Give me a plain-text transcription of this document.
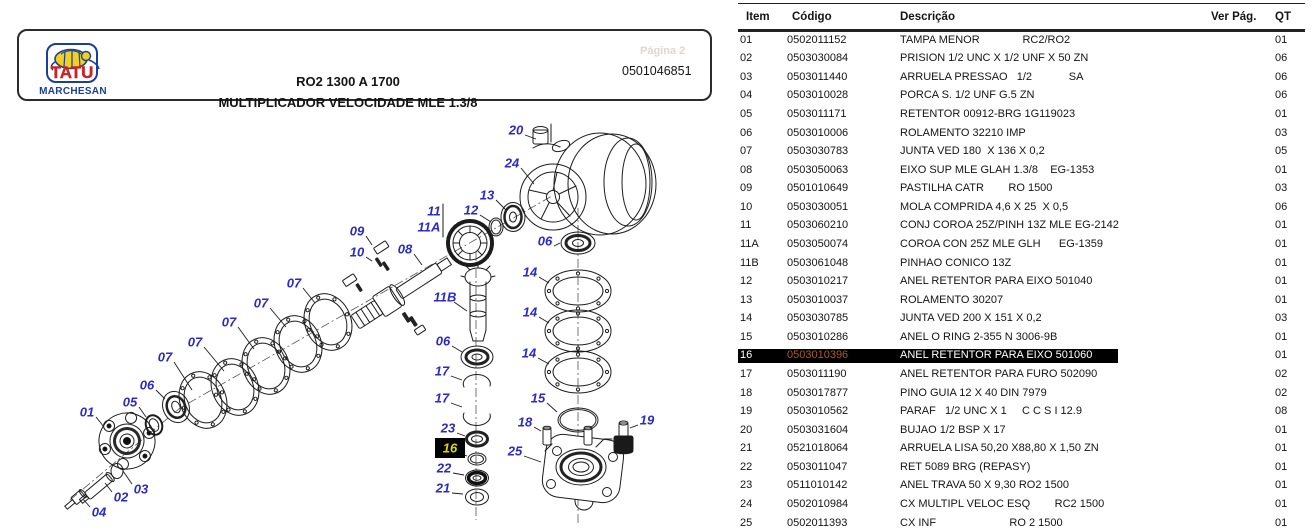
20
24
13
12
11
11A
09
10	08
06
14
14
14
15
18	19
25
11B
06
17
17
23
16
22
21
07
07
07
07
07
06
05
01
03
02
04
TATU
MARCHESAN
RO2 1300 A 1700
MULTIPLICADOR VELOCIDADE MLE 1.3/8
Página 2
0501046851
Item Código	Descrição	Ver Pág. QT
01	0502011152	TAMPA MENOR              RC2/RO2	01
02	0503030084	PRISION 1/2 UNC X 1/2 UNF X 50 ZN	06
03	0503011440	ARRUELA PRESSAO   1/2            SA	06
04	0503010028	PORCA S. 1/2 UNF G.5 ZN	06
05	0503011171	RETENTOR 00912-BRG 1G119023	01
06	0503010006	ROLAMENTO 32210 IMP	03
07	0503030783	JUNTA VED 180  X 136 X 0,2	05
08	0503050063	EIXO SUP MLE GLAH 1.3/8    EG-1353	01
09	0501010649	PASTILHA CATR        RO 1500	03
10	0503030051	MOLA COMPRIDA 4,6 X 25  X 0,5	06
11	0503060210	CONJ COROA 25Z/PINH 13Z MLE EG-2142	01
11A	0503050074	COROA CON 25Z MLE GLH      EG-1359	01
11B	0503061048	PINHAO CONICO 13Z	01
12	0503010217	ANEL RETENTOR PARA EIXO 501040	01
13	0503010037	ROLAMENTO 30207	01
14	0503030785	JUNTA VED 200 X 151 X 0,2	03
15	0503010286	ANEL O RING 2-355 N 3006-9B	01
16	0503010396	ANEL RETENTOR PARA EIXO 501060	01
17	0503011190	ANEL RETENTOR PARA FURO 502090	02
18	0503017877	PINO GUIA 12 X 40 DIN 7979	02
19	0503010562	PARAF   1/2 UNC X 1     C C S I 12.9	08
20	0503031604	BUJAO 1/2 BSP X 17	01
21	0521018064	ARRUELA LISA 50,20 X88,80 X 1,50 ZN	01
22	0503011047	RET 5089 BRG (REPASY)	01
23	0511010142	ANEL TRAVA 50 X 9,30 RO2 1500	01
24	0502010984	CX MULTIPL VELOC ESQ        RC2 1500	01
25	0502011393	CX INF                        RO 2 1500	01
